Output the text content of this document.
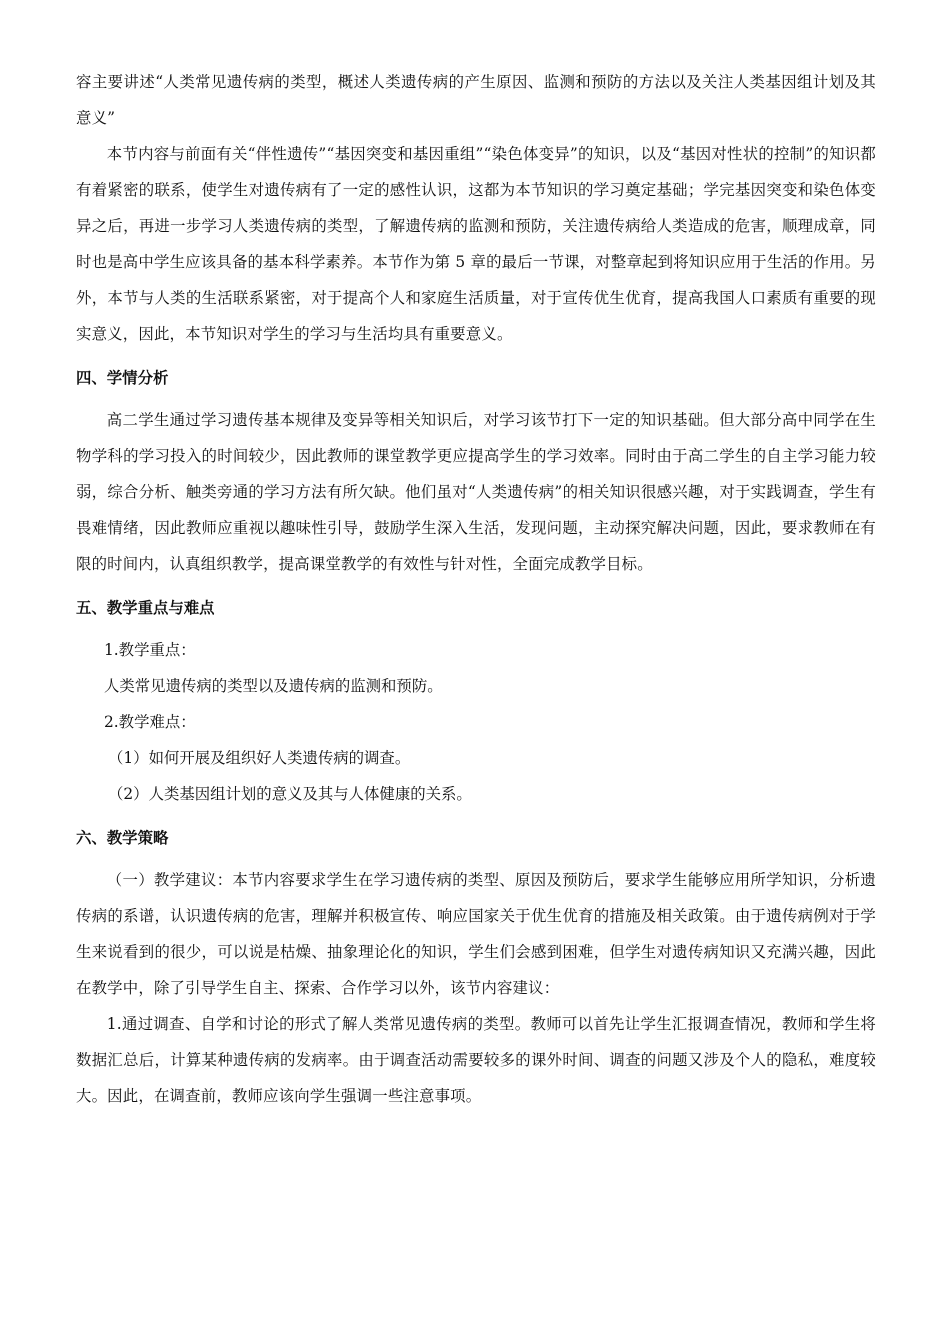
容主要讲述“人类常见遗传病的类型，概述人类遗传病的产生原因、监测和预防的方法以及关注人类基因组计划及其意义”

本节内容与前面有关“伴性遗传”“基因突变和基因重组”“染色体变异”的知识，以及“基因对性状的控制”的知识都有着紧密的联系，使学生对遗传病有了一定的感性认识，这都为本节知识的学习奠定基础；学完基因突变和染色体变异之后，再进一步学习人类遗传病的类型，了解遗传病的监测和预防，关注遗传病给人类造成的危害，顺理成章，同时也是高中学生应该具备的基本科学素养。本节作为第 5 章的最后一节课，对整章起到将知识应用于生活的作用。另外，本节与人类的生活联系紧密，对于提高个人和家庭生活质量，对于宣传优生优育，提高我国人口素质有重要的现实意义，因此，本节知识对学生的学习与生活均具有重要意义。

四、学情分析

高二学生通过学习遗传基本规律及变异等相关知识后，对学习该节打下一定的知识基础。但大部分高中同学在生物学科的学习投入的时间较少，因此教师的课堂教学更应提高学生的学习效率。同时由于高二学生的自主学习能力较弱，综合分析、触类旁通的学习方法有所欠缺。他们虽对“人类遗传病”的相关知识很感兴趣，对于实践调查，学生有畏难情绪，因此教师应重视以趣味性引导，鼓励学生深入生活，发现问题，主动探究解决问题，因此，要求教师在有限的时间内，认真组织教学，提高课堂教学的有效性与针对性，全面完成教学目标。

五、教学重点与难点

1.教学重点：

人类常见遗传病的类型以及遗传病的监测和预防。

2.教学难点：

（1）如何开展及组织好人类遗传病的调查。

（2）人类基因组计划的意义及其与人体健康的关系。

六、教学策略

（一）教学建议：本节内容要求学生在学习遗传病的类型、原因及预防后，要求学生能够应用所学知识，分析遗传病的系谱，认识遗传病的危害，理解并积极宣传、响应国家关于优生优育的措施及相关政策。由于遗传病例对于学生来说看到的很少，可以说是枯燥、抽象理论化的知识，学生们会感到困难，但学生对遗传病知识又充满兴趣，因此在教学中，除了引导学生自主、探索、合作学习以外，该节内容建议：

1.通过调查、自学和讨论的形式了解人类常见遗传病的类型。教师可以首先让学生汇报调查情况，教师和学生将数据汇总后，计算某种遗传病的发病率。由于调查活动需要较多的课外时间、调查的问题又涉及个人的隐私，难度较大。因此，在调查前，教师应该向学生强调一些注意事项。
